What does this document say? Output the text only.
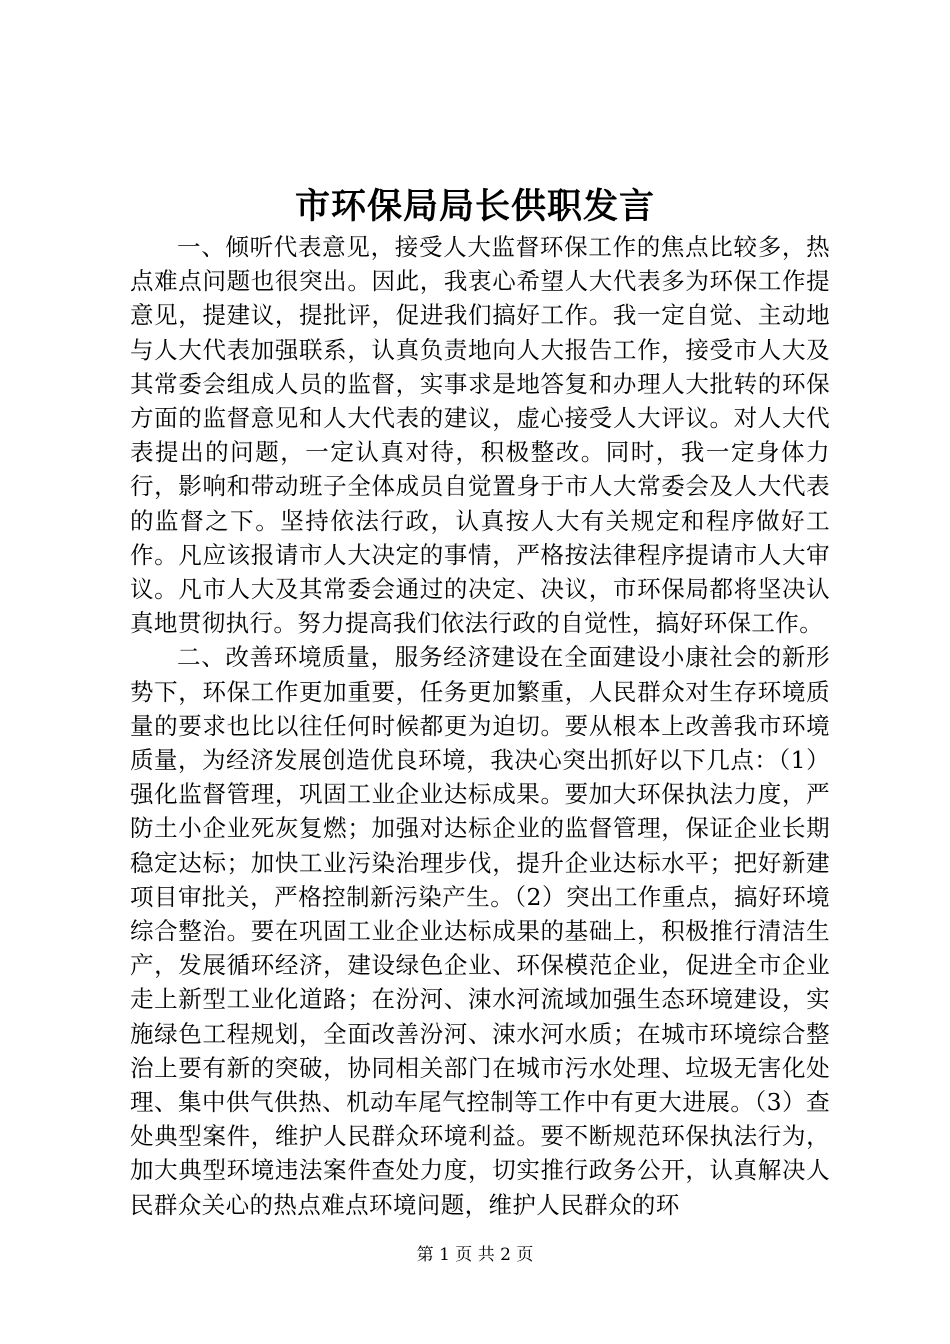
市环保局局长供职发言

一、倾听代表意见，接受人大监督环保工作的焦点比较多，热点难点问题也很突出。因此，我衷心希望人大代表多为环保工作提意见，提建议，提批评，促进我们搞好工作。我一定自觉、主动地与人大代表加强联系，认真负责地向人大报告工作，接受市人大及其常委会组成人员的监督，实事求是地答复和办理人大批转的环保方面的监督意见和人大代表的建议，虚心接受人大评议。对人大代表提出的问题，一定认真对待，积极整改。同时，我一定身体力行，影响和带动班子全体成员自觉置身于市人大常委会及人大代表的监督之下。坚持依法行政，认真按人大有关规定和程序做好工作。凡应该报请市人大决定的事情，严格按法律程序提请市人大审议。凡市人大及其常委会通过的决定、决议，市环保局都将坚决认真地贯彻执行。努力提高我们依法行政的自觉性，搞好环保工作。

二、改善环境质量，服务经济建设在全面建设小康社会的新形势下，环保工作更加重要，任务更加繁重，人民群众对生存环境质量的要求也比以往任何时候都更为迫切。要从根本上改善我市环境质量，为经济发展创造优良环境，我决心突出抓好以下几点：（1）强化监督管理，巩固工业企业达标成果。要加大环保执法力度，严防土小企业死灰复燃；加强对达标企业的监督管理，保证企业长期稳定达标；加快工业污染治理步伐，提升企业达标水平；把好新建项目审批关，严格控制新污染产生。（2）突出工作重点，搞好环境综合整治。要在巩固工业企业达标成果的基础上，积极推行清洁生产，发展循环经济，建设绿色企业、环保模范企业，促进全市企业走上新型工业化道路；在汾河、涑水河流域加强生态环境建设，实施绿色工程规划，全面改善汾河、涑水河水质；在城市环境综合整治上要有新的突破，协同相关部门在城市污水处理、垃圾无害化处理、集中供气供热、机动车尾气控制等工作中有更大进展。（3）查处典型案件，维护人民群众环境利益。要不断规范环保执法行为，加大典型环境违法案件查处力度，切实推行政务公开，认真解决人民群众关心的热点难点环境问题，维护人民群众的环

第 1 页 共 2 页
